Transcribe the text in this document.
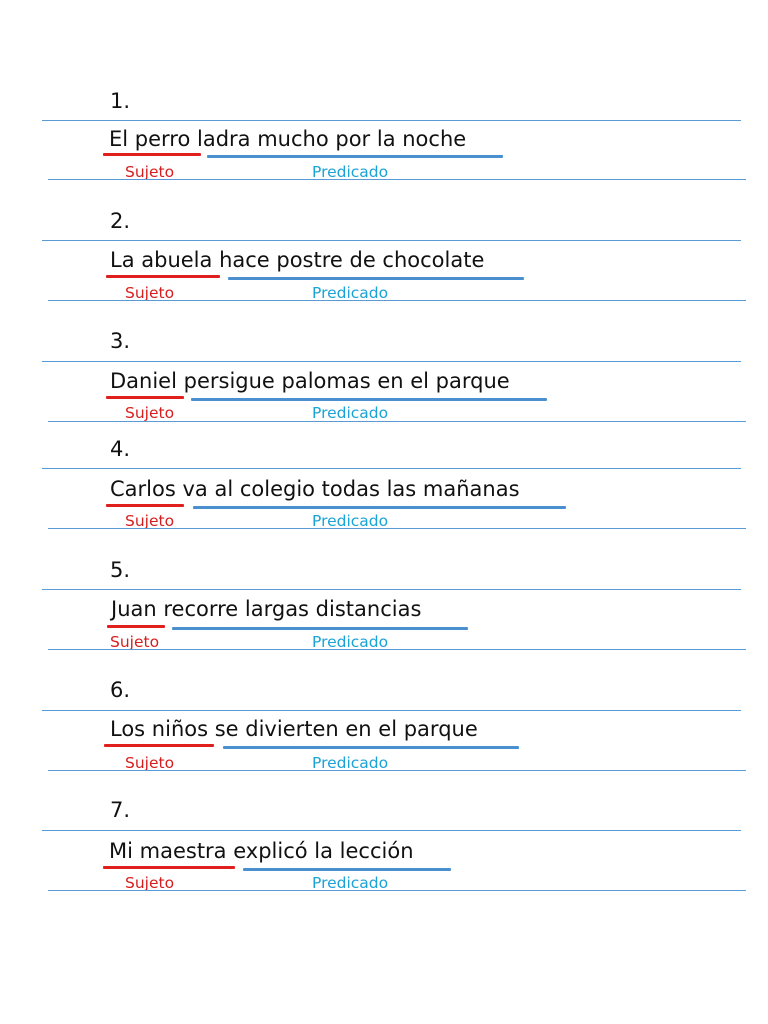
1.
El perro ladra mucho por la noche
Sujeto	Predicado
2.
La abuela hace postre de chocolate
Sujeto	Predicado
3.
Daniel persigue palomas en el parque
Sujeto	Predicado
4.
Carlos va al colegio todas las mañanas
Sujeto	Predicado
5.
Juan recorre largas distancias
Sujeto	Predicado
6.
Los niños se divierten en el parque
Sujeto	Predicado
7.
Mi maestra explicó la lección
Sujeto	Predicado
